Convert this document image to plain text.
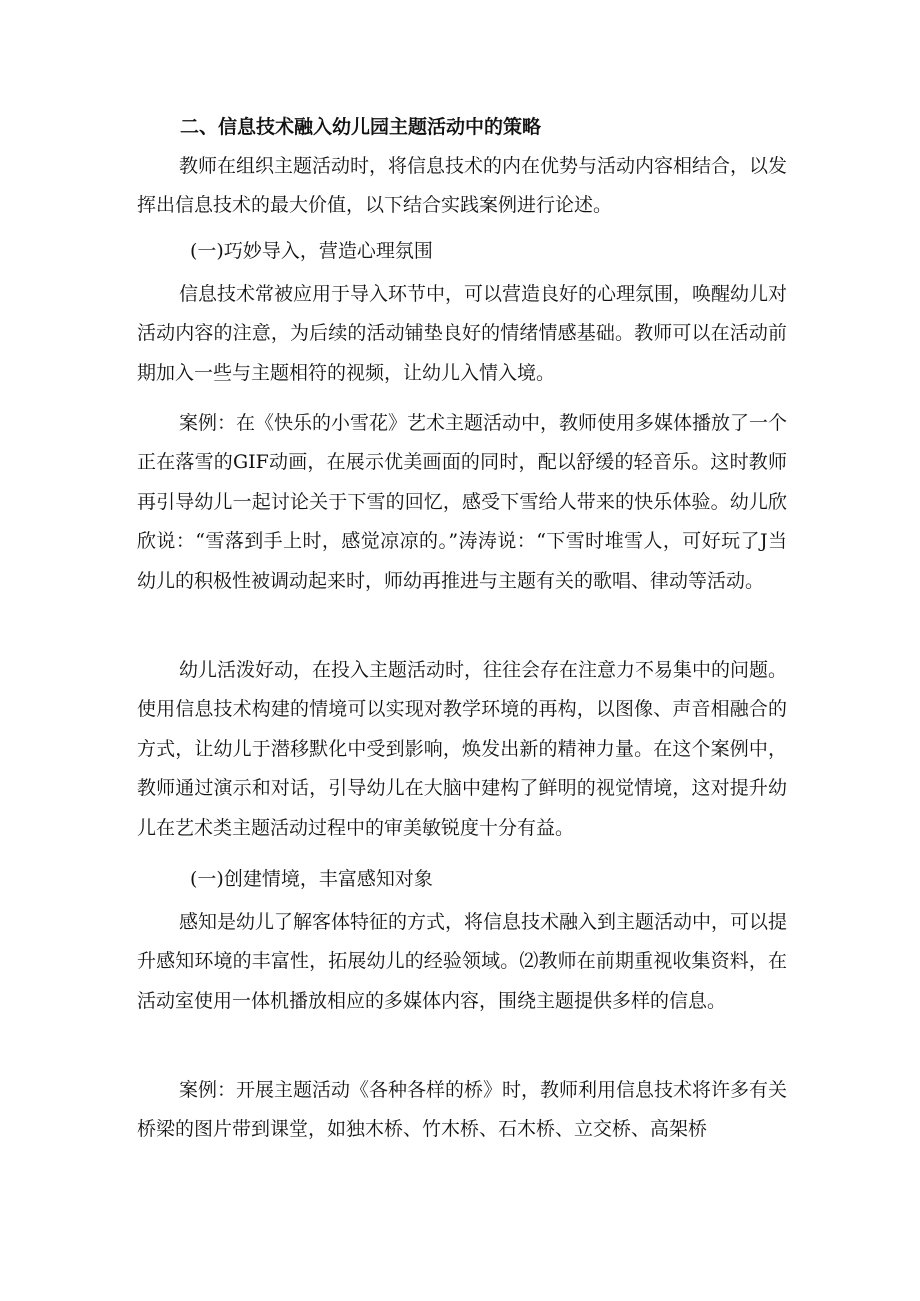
二、信息技术融入幼儿园主题活动中的策略

教师在组织主题活动时，将信息技术的内在优势与活动内容相结合，以发挥出信息技术的最大价值，以下结合实践案例进行论述。

(一)巧妙导入，营造心理氛围

信息技术常被应用于导入环节中，可以营造良好的心理氛围，唤醒幼儿对活动内容的注意，为后续的活动铺垫良好的情绪情感基础。教师可以在活动前期加入一些与主题相符的视频，让幼儿入情入境。

案例：在《快乐的小雪花》艺术主题活动中，教师使用多媒体播放了一个正在落雪的GIF动画，在展示优美画面的同时，配以舒缓的轻音乐。这时教师再引导幼儿一起讨论关于下雪的回忆，感受下雪给人带来的快乐体验。幼儿欣欣说：“雪落到手上时，感觉凉凉的。”涛涛说：“下雪时堆雪人，可好玩了J当幼儿的积极性被调动起来时，师幼再推进与主题有关的歌唱、律动等活动。

幼儿活泼好动，在投入主题活动时，往往会存在注意力不易集中的问题。使用信息技术构建的情境可以实现对教学环境的再构，以图像、声音相融合的方式，让幼儿于潜移默化中受到影响，焕发出新的精神力量。在这个案例中，教师通过演示和对话，引导幼儿在大脑中建构了鲜明的视觉情境，这对提升幼儿在艺术类主题活动过程中的审美敏锐度十分有益。

(一)创建情境，丰富感知对象

感知是幼儿了解客体特征的方式，将信息技术融入到主题活动中，可以提升感知环境的丰富性，拓展幼儿的经验领域。⑵教师在前期重视收集资料，在活动室使用一体机播放相应的多媒体内容，围绕主题提供多样的信息。

案例：开展主题活动《各种各样的桥》时，教师利用信息技术将许多有关桥梁的图片带到课堂，如独木桥、竹木桥、石木桥、立交桥、高架桥
